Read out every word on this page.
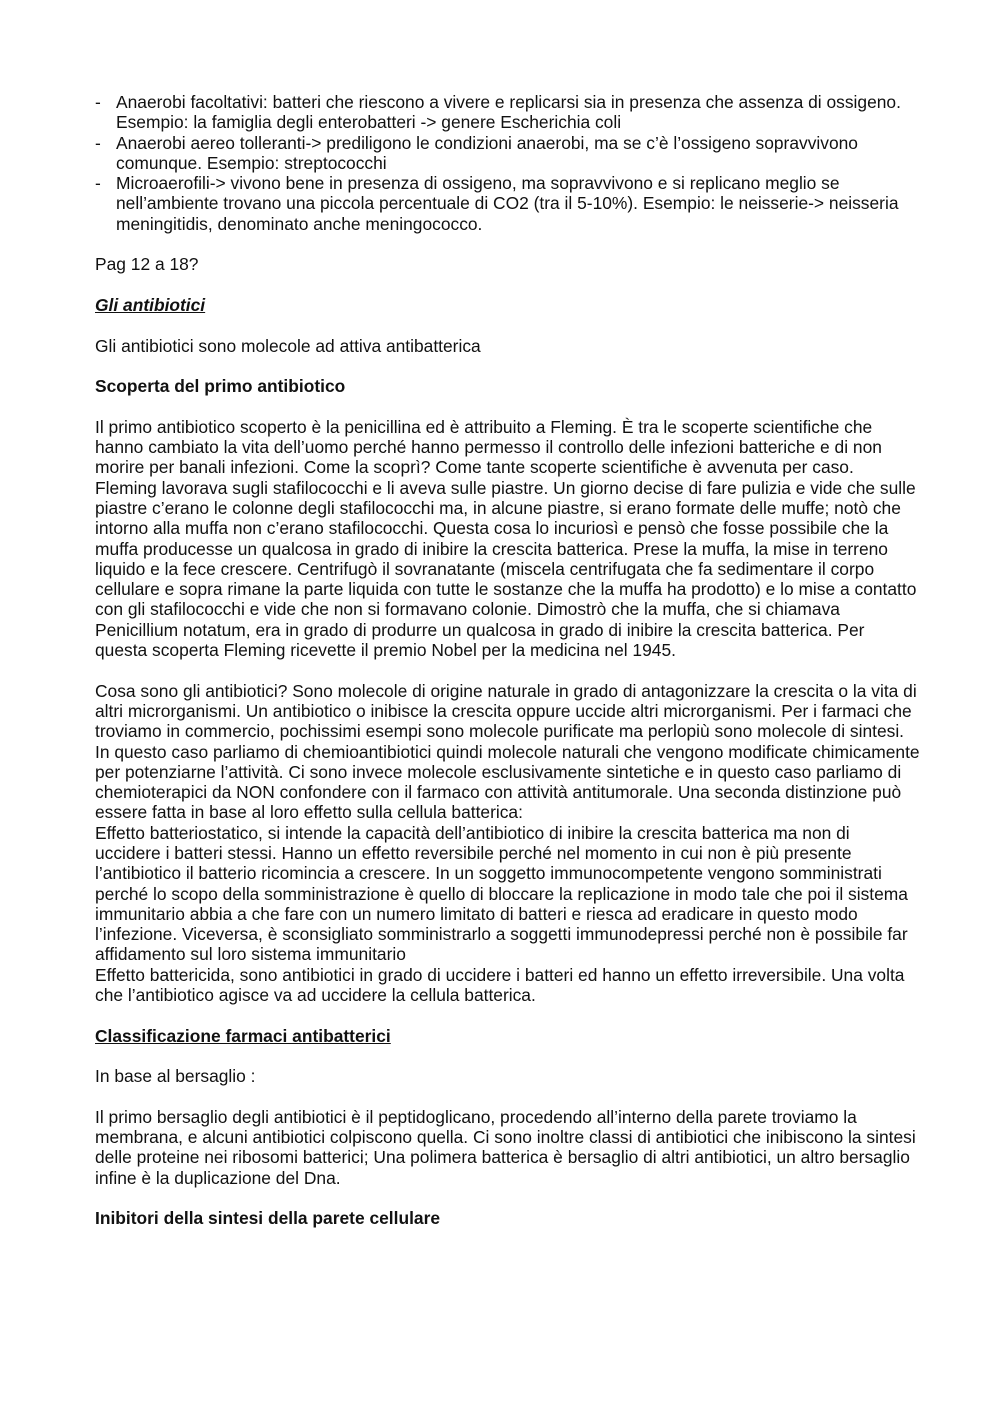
- Anaerobi facoltativi: batteri che riescono a vivere e replicarsi sia in presenza che assenza di ossigeno. Esempio: la famiglia degli enterobatteri -> genere Escherichia coli
- Anaerobi aereo tolleranti-> prediligono le condizioni anaerobi, ma se c’è l’ossigeno sopravvivono comunque. Esempio: streptococchi
- Microaerofili-> vivono bene in presenza di ossigeno, ma sopravvivono e si replicano meglio se nell’ambiente trovano una piccola percentuale di CO2 (tra il 5-10%). Esempio: le neisserie-> neisseria meningitidis, denominato anche meningococco.

Pag 12 a 18?

Gli antibiotici

Gli antibiotici sono molecole ad attiva antibatterica

Scoperta del primo antibiotico

Il primo antibiotico scoperto è la penicillina ed è attribuito a Fleming. È tra le scoperte scientifiche che hanno cambiato la vita dell’uomo perché hanno permesso il controllo delle infezioni batteriche e di non morire per banali infezioni. Come la scoprì? Come tante scoperte scientifiche è avvenuta per caso. Fleming lavorava sugli stafilococchi e li aveva sulle piastre. Un giorno decise di fare pulizia e vide che sulle piastre c’erano le colonne degli stafilococchi ma, in alcune piastre, si erano formate delle muffe; notò che intorno alla muffa non c’erano stafilococchi. Questa cosa lo incuriosì e pensò che fosse possibile che la muffa producesse un qualcosa in grado di inibire la crescita batterica. Prese la muffa, la mise in terreno liquido e la fece crescere. Centrifugò il sovranatante (miscela centrifugata che fa sedimentare il corpo cellulare e sopra rimane la parte liquida con tutte le sostanze che la muffa ha prodotto) e lo mise a contatto con gli stafilococchi e vide che non si formavano colonie. Dimostrò che la muffa, che si chiamava Penicillium notatum, era in grado di produrre un qualcosa in grado di inibire la crescita batterica. Per questa scoperta Fleming ricevette il premio Nobel per la medicina nel 1945.

Cosa sono gli antibiotici? Sono molecole di origine naturale in grado di antagonizzare la crescita o la vita di altri microrganismi. Un antibiotico o inibisce la crescita oppure uccide altri microrganismi. Per i farmaci che troviamo in commercio, pochissimi esempi sono molecole purificate ma perlopiù sono molecole di sintesi. In questo caso parliamo di chemioantibiotici quindi molecole naturali che vengono modificate chimicamente per potenziarne l’attività. Ci sono invece molecole esclusivamente sintetiche e in questo caso parliamo di chemioterapici da NON confondere con il farmaco con attività antitumorale. Una seconda distinzione può essere fatta in base al loro effetto sulla cellula batterica:

Effetto batteriostatico, si intende la capacità dell’antibiotico di inibire la crescita batterica ma non di uccidere i batteri stessi. Hanno un effetto reversibile perché nel momento in cui non è più presente l’antibiotico il batterio ricomincia a crescere. In un soggetto immunocompetente vengono somministrati perché lo scopo della somministrazione è quello di bloccare la replicazione in modo tale che poi il sistema immunitario abbia a che fare con un numero limitato di batteri e riesca ad eradicare in questo modo l’infezione. Viceversa, è sconsigliato somministrarlo a soggetti immunodepressi perché non è possibile far affidamento sul loro sistema immunitario

Effetto battericida, sono antibiotici in grado di uccidere i batteri ed hanno un effetto irreversibile. Una volta che l’antibiotico agisce va ad uccidere la cellula batterica.

Classificazione farmaci antibatterici

In base al bersaglio :

Il primo bersaglio degli antibiotici è il peptidoglicano, procedendo all’interno della parete troviamo la membrana, e alcuni antibiotici colpiscono quella. Ci sono inoltre classi di antibiotici che inibiscono la sintesi delle proteine nei ribosomi batterici; Una polimera batterica è bersaglio di altri antibiotici, un altro bersaglio infine è la duplicazione del Dna.

Inibitori della sintesi della parete cellulare
